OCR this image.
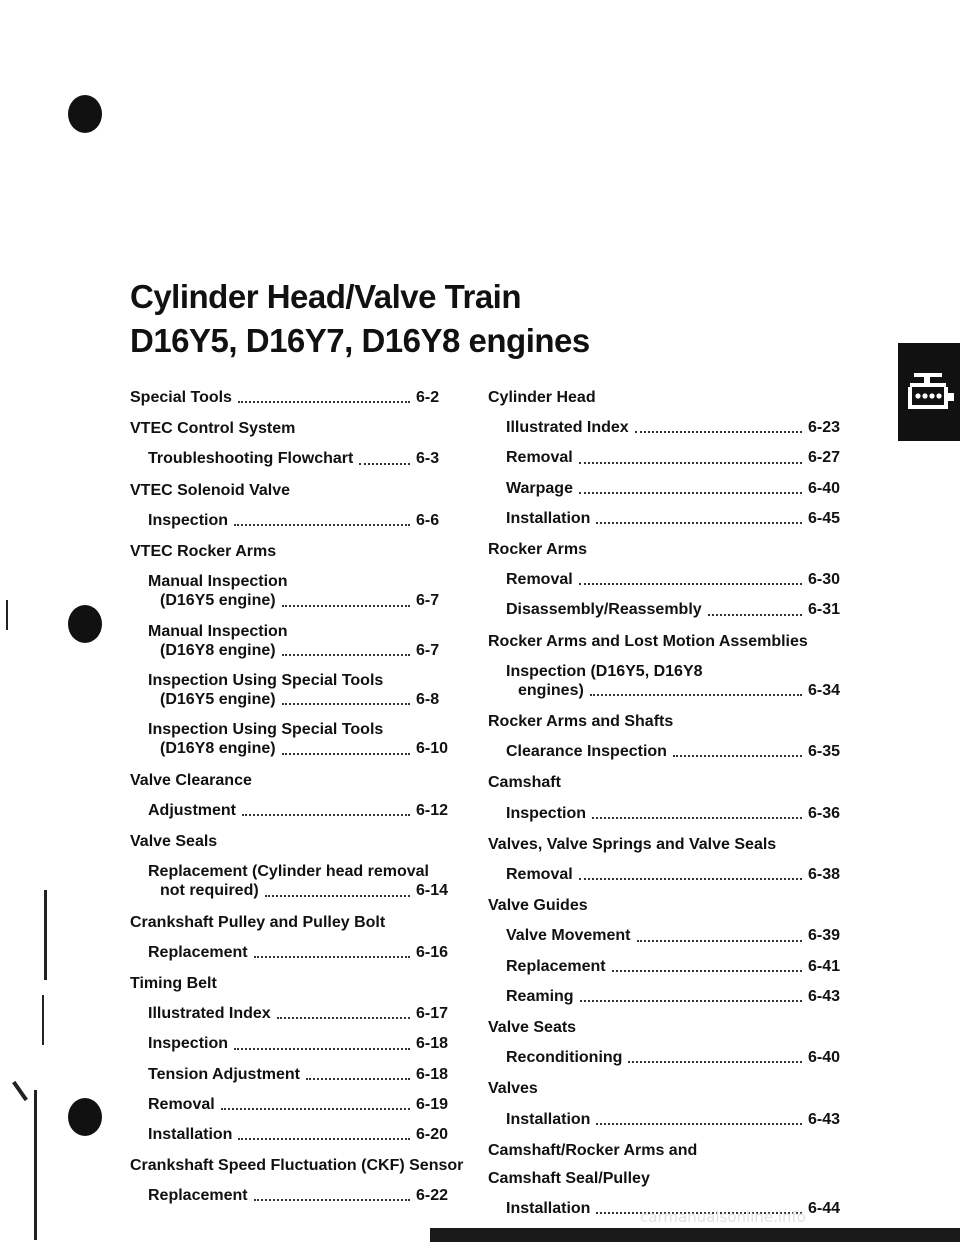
Cylinder Head/Valve Train
D16Y5, D16Y7, D16Y8 engines
Special Tools	6-2
VTEC Control System
Troubleshooting Flowchart	6-3
VTEC Solenoid Valve
Inspection	6-6
VTEC Rocker Arms
Manual Inspection
(D16Y5 engine)	6-7
Manual Inspection
(D16Y8 engine)	6-7
Inspection Using Special Tools
(D16Y5 engine)	6-8
Inspection Using Special Tools
(D16Y8 engine)	6-10
Valve Clearance
Adjustment	6-12
Valve Seals
Replacement (Cylinder head removal
not required)	6-14
Crankshaft Pulley and Pulley Bolt
Replacement	6-16
Timing Belt
Illustrated Index	6-17
Inspection	6-18
Tension Adjustment	6-18
Removal	6-19
Installation	6-20
Crankshaft Speed Fluctuation (CKF) Sensor
Replacement	6-22
Cylinder Head
Illustrated Index	6-23
Removal	6-27
Warpage	6-40
Installation	6-45
Rocker Arms
Removal	6-30
Disassembly/Reassembly	6-31
Rocker Arms and Lost Motion Assemblies
Inspection (D16Y5, D16Y8
engines)	6-34
Rocker Arms and Shafts
Clearance Inspection	6-35
Camshaft
Inspection	6-36
Valves, Valve Springs and Valve Seals
Removal	6-38
Valve Guides
Valve Movement	6-39
Replacement	6-41
Reaming	6-43
Valve Seats
Reconditioning	6-40
Valves
Installation	6-43
Camshaft/Rocker Arms and
Camshaft Seal/Pulley
Installation	6-44
carmanualsonline.info
